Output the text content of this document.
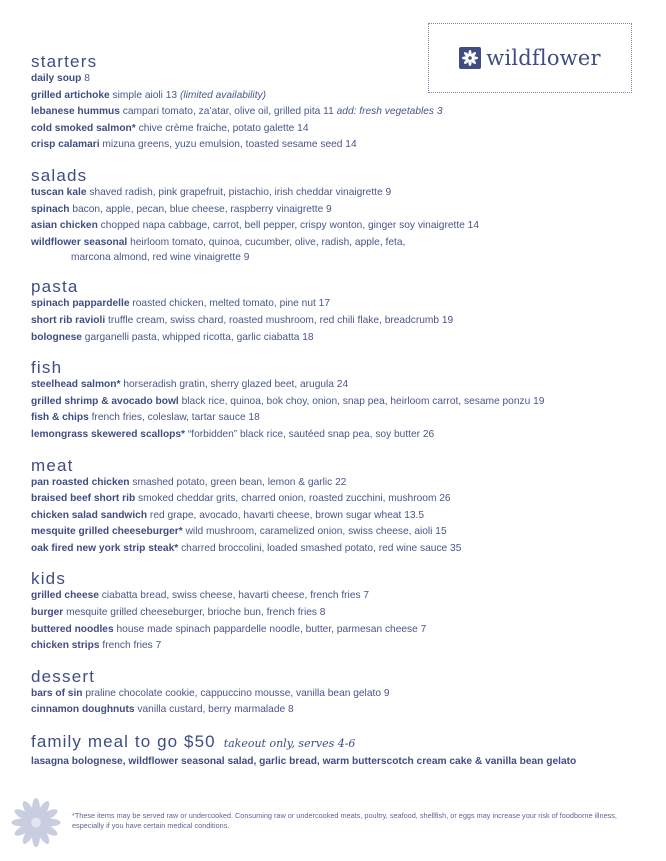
wildflower
starters
daily soup 8
grilled artichoke simple aioli 13 (limited availability)
lebanese hummus campari tomato, za’atar, olive oil, grilled pita 11 add: fresh vegetables 3
cold smoked salmon* chive crème fraiche, potato galette 14
crisp calamari mizuna greens, yuzu emulsion, toasted sesame seed 14
salads
tuscan kale shaved radish, pink grapefruit, pistachio, irish cheddar vinaigrette 9
spinach bacon, apple, pecan, blue cheese, raspberry vinaigrette 9
asian chicken chopped napa cabbage, carrot, bell pepper, crispy wonton, ginger soy vinaigrette 14
wildflower seasonal heirloom tomato, quinoa, cucumber, olive, radish, apple, feta,
marcona almond, red wine vinaigrette 9
pasta
spinach pappardelle roasted chicken, melted tomato, pine nut 17
short rib ravioli truffle cream, swiss chard, roasted mushroom, red chili flake, breadcrumb 19
bolognese garganelli pasta, whipped ricotta, garlic ciabatta 18
fish
steelhead salmon* horseradish gratin, sherry glazed beet, arugula 24
grilled shrimp & avocado bowl black rice, quinoa, bok choy, onion, snap pea, heirloom carrot, sesame ponzu 19
fish & chips french fries, coleslaw, tartar sauce 18
lemongrass skewered scallops* “forbidden” black rice, sautéed snap pea, soy butter 26
meat
pan roasted chicken smashed potato, green bean, lemon & garlic 22
braised beef short rib smoked cheddar grits, charred onion, roasted zucchini, mushroom 26
chicken salad sandwich red grape, avocado, havarti cheese, brown sugar wheat 13.5
mesquite grilled cheeseburger* wild mushroom, caramelized onion, swiss cheese, aioli 15
oak fired new york strip steak* charred broccolini, loaded smashed potato, red wine sauce 35
kids
grilled cheese ciabatta bread, swiss cheese, havarti cheese, french fries 7
burger mesquite grilled cheeseburger, brioche bun, french fries 8
buttered noodles house made spinach pappardelle noodle, butter, parmesan cheese 7
chicken strips french fries 7
dessert
bars of sin praline chocolate cookie, cappuccino mousse, vanilla bean gelato 9
cinnamon doughnuts vanilla custard, berry marmalade 8
family meal to go $50 takeout only, serves 4-6
lasagna bolognese, wildflower seasonal salad, garlic bread, warm butterscotch cream cake & vanilla bean gelato
*These items may be served raw or undercooked. Consuming raw or undercooked meats, poultry, seafood, shellfish, or eggs may increase your risk of foodborne illness, especially if you have certain medical conditions.
